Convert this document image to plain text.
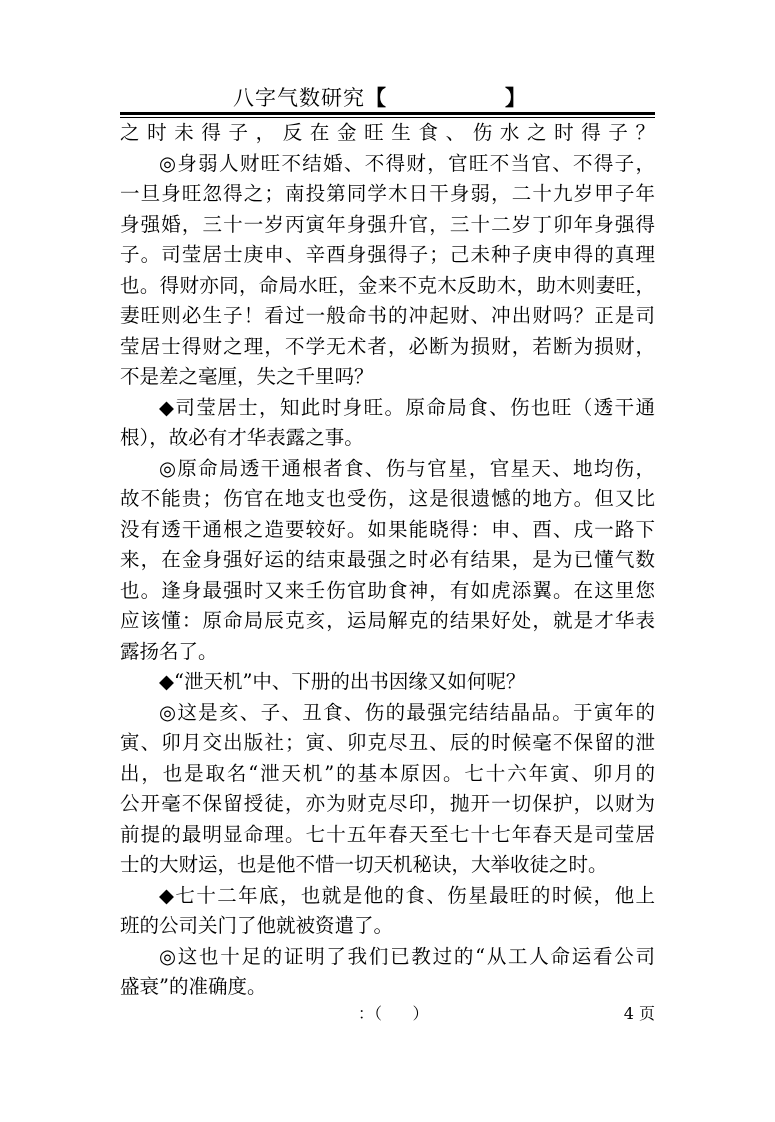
八字气数研究【	】
之时未得子，反在金旺生食、伤水之时得子？
◎身弱人财旺不结婚、不得财，官旺不当官、不得子，
一旦身旺忽得之；南投第同学木日干身弱，二十九岁甲子年
身强婚，三十一岁丙寅年身强升官，三十二岁丁卯年身强得
子。司莹居士庚申、辛酉身强得子；己未种子庚申得的真理
也。得财亦同，命局水旺，金来不克木反助木，助木则妻旺，
妻旺则必生子！看过一般命书的冲起财、冲出财吗？正是司
莹居士得财之理，不学无术者，必断为损财，若断为损财，
不是差之毫厘，失之千里吗？
◆司莹居士，知此时身旺。原命局食、伤也旺（透干通
根），故必有才华表露之事。
◎原命局透干通根者食、伤与官星，官星天、地均伤，
故不能贵；伤官在地支也受伤，这是很遗憾的地方。但又比
没有透干通根之造要较好。如果能晓得：申、酉、戌一路下
来，在金身强好运的结束最强之时必有结果，是为已懂气数
也。逢身最强时又来壬伤官助食神，有如虎添翼。在这里您
应该懂：原命局辰克亥，运局解克的结果好处，就是才华表
露扬名了。
◆“泄天机”中、下册的出书因缘又如何呢？
◎这是亥、子、丑食、伤的最强完结结晶品。于寅年的
寅、卯月交出版社；寅、卯克尽丑、辰的时候毫不保留的泄
出，也是取名“泄天机”的基本原因。七十六年寅、卯月的
公开毫不保留授徒，亦为财克尽印，抛开一切保护，以财为
前提的最明显命理。七十五年春天至七十七年春天是司莹居
士的大财运，也是他不惜一切天机秘诀，大举收徒之时。
◆七十二年底，也就是他的食、伤星最旺的时候，他上
班的公司关门了他就被资遣了。
◎这也十足的证明了我们已教过的“从工人命运看公司
盛衰”的准确度。
：（      ）	4 页
